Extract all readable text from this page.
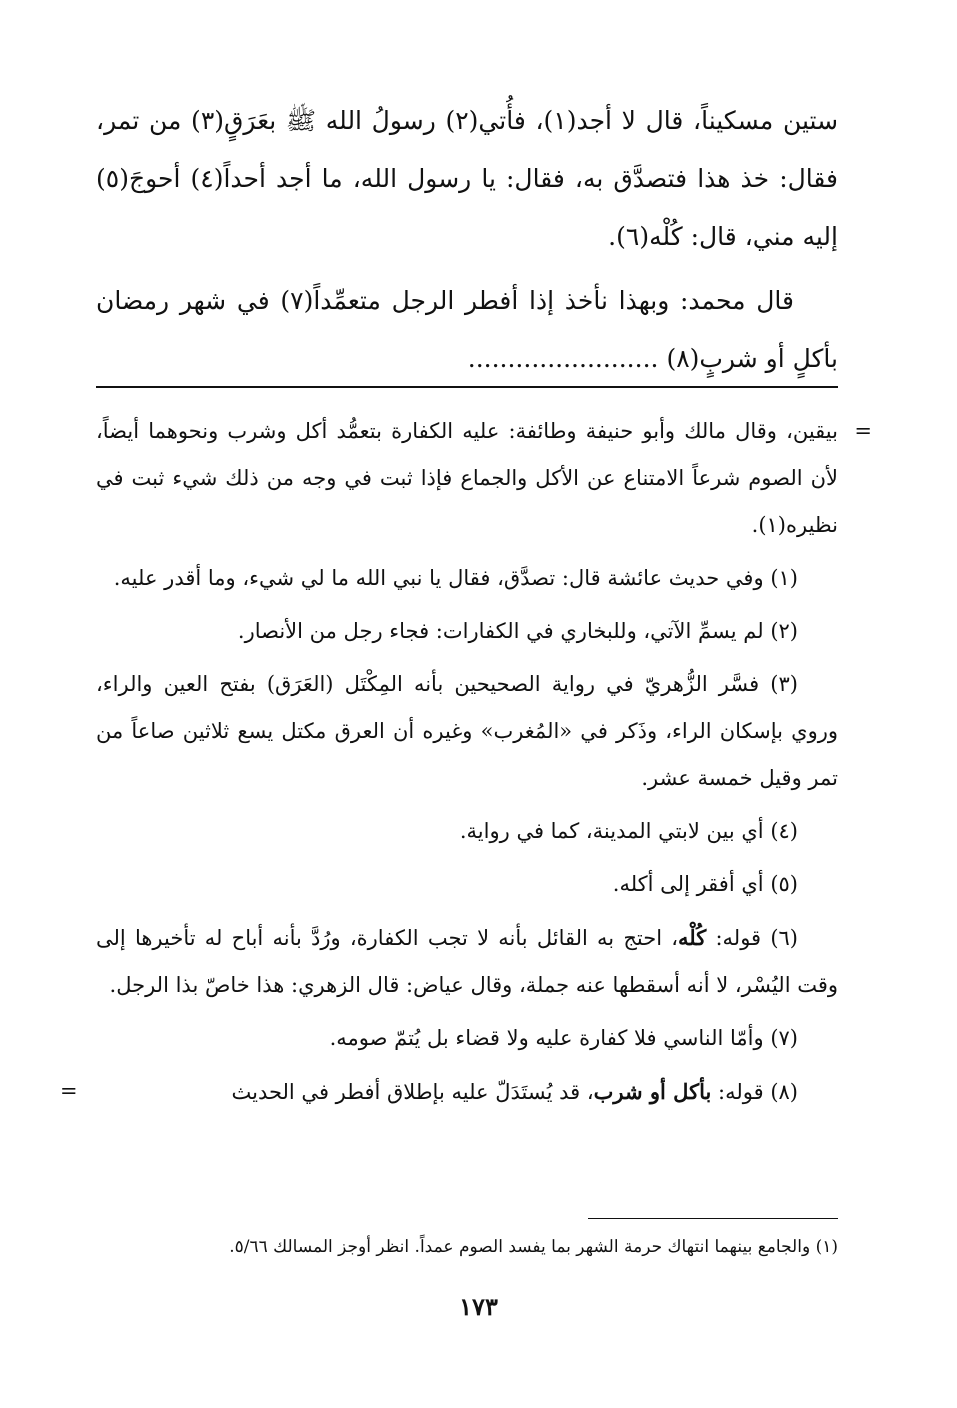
ستين مسكيناً، قال لا أجد(١)، فأُتي(٢) رسولُ الله ﷺ بعَرَقٍ(٣) من تمر، فقال: خذ هذا فتصدَّق به، فقال: يا رسول الله، ما أجد أحداً(٤) أحوجَ(٥) إليه مني، قال: كُلْه(٦).

قال محمد: وبهذا نأخذ إذا أفطر الرجل متعمِّداً(٧) في شهر رمضان بأكلٍ أو شربٍ(٨) ........................

=
بيقين، وقال مالك وأبو حنيفة وطائفة: عليه الكفارة بتعمُّد أكل وشرب ونحوهما أيضاً، لأن الصوم شرعاً الامتناع عن الأكل والجماع فإذا ثبت في وجه من ذلك شيء ثبت في نظيره(١).

(١) وفي حديث عائشة قال: تصدَّق، فقال يا نبي الله ما لي شيء، وما أقدر عليه.

(٢) لم يسمِّ الآتي، وللبخاري في الكفارات: فجاء رجل من الأنصار.

(٣) فسَّر الزُّهريّ في رواية الصحيحين بأنه المِكْتَل (العَرَق) بفتح العين والراء، وروي بإسكان الراء، وذَكر في «المُغرب» وغيره أن العرق مكتل يسع ثلاثين صاعاً من تمر وقيل خمسة عشر.

(٤) أي بين لابتي المدينة، كما في رواية.

(٥) أي أفقر إلى أكله.

(٦) قوله: كُلْه، احتج به القائل بأنه لا تجب الكفارة، ورُدَّ بأنه أباح له تأخيرها إلى وقت اليُسْر، لا أنه أسقطها عنه جملة، وقال عياض: قال الزهري: هذا خاصّ بذا الرجل.

(٧) وأمّا الناسي فلا كفارة عليه ولا قضاء بل يُتمّ صومه.

(٨) قوله: بأكل أو شرب، قد يُستَدَلّ عليه بإطلاق أفطر في الحديث
=

(١) والجامع بينهما انتهاك حرمة الشهر بما يفسد الصوم عمداً. انظر أوجز المسالك ٥/٦٦.
١٧٣
